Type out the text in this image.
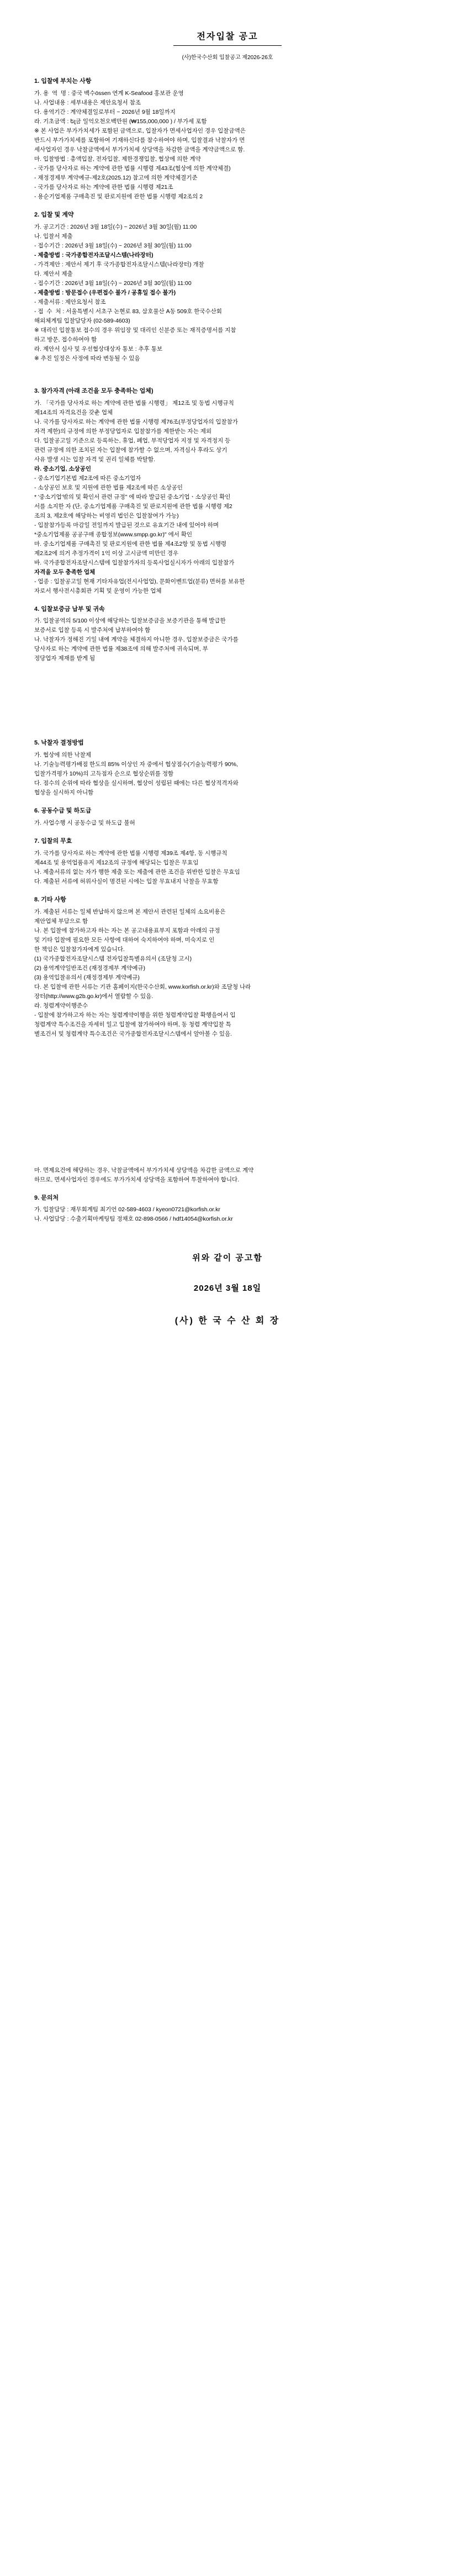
전자입찰 공고
(사)한국수산회 입찰공고 제2026-26호
1. 입찰에 부치는 사항
가. 용  역  명 : 중국 백수össen 연계 K-Seafood 홍보관 운영
나. 사업내용 : 세부내용은 제안요청서 참조
다. 용역기간 : 계약체결일로부터 ~ 2026년 9월 18일까지
라. 기초금액 : ել금 일억오천오백만원 (₩155,000,000 ) / 부가세 포함
※ 본 사업은 부가가치세가 포함된 금액으로, 입찰자가 면세사업자인 경우 입찰금액은
반드시 부가가치세를 포함하여 기재하신다를 참수하여야 하며, 입찰결과 낙찰자가 면
세사업자인 경우 낙찰금액에서 부가가치세 상당액을 차감한 금액을 계약금액으로 함.
마. 입찰방법 : 총액입찰, 전자입찰, 제한경쟁입찰, 협상에 의한 계약
- 국가를 당사자로 하는 계약에 관한 법률 시행령 제43조(협상에 의한 계약체결)
- 재정경제부 계약예규-제2호(2025.12) 참고에 의한 계약체결기준
- 국가를 당사자로 하는 계약에 관한 법률 시행령 제21조
- 용순기업제품 구매촉진 및 판로지원에 관한 법률 시행령 제2조의 2
2. 입찰 및 계약
가. 공고기간 : 2026년 3월 18일(수) ~ 2026년 3월 30일(월) 11:00
나. 입찰서 제출
- 접수기간 : 2026년 3월 18일(수) ~ 2026년 3월 30일(월) 11:00
- 제출방법 : 국가종합전자조달시스템(나라장터)
- 가격제안 : 제안서 제기 후 국가종합전자조달시스템(나라장터) 개찰
다. 제안서 제출
- 접수기간 : 2026년 3월 18일(수) ~ 2026년 3월 30일(월) 11:00
- 제출방법 : 방문접수 (우편접수 불가 / 공휴일 접수 불가)
- 제출서류 : 제안요청서 참조
- 접  수  처 : 서울특별시 서초구 논현로 83, 삼호물산 A동 509호 한국수산회
해외체계팀 입찰담당자 (02-589-4603)
※ 대리인 입찰통보 접수의 경우 위임장 및 대리인 신분증 또는 재직증명서를 지참
하고 방문, 접수하여야 함
라. 제안서 심사 및 우선협상대상자 통보 : 추후 통보
※ 추진 일정은 사정에 따라 변동될 수 있음
3. 참가자격 (아래 조건을 모두 충족하는 업체)
가. 「국가를 당사자로 하는 계약에 관한 법률 시행령」 제12조 및 동법 시행규칙
제14조의 자격요건을 갖춘 업체
나. 국가를 당사자로 하는 계약에 관한 법률 시행령 제76조(부정당업자의 입찰참가
자격 제한)의 규정에 의한 부정당업자로 입찰참가를 제한받는 자는 제외
다. 입찰공고일 기준으로 등록하는, 휴업, 폐업, 부적당업자 지정 및 자격정지 등
관련 규정에 의한 조치된 자는 입찰에 참가할 수 없으며, 자격심사 후라도 상기
사유 발생 시는 입찰 자격 및 권리 일체를 박탈함.
라. 중소기업, 소상공인
- 중소기업기본법 제2조에 따른 중소기업자
- 소상공인 보호 및 지원에 관한 법률 제2조에 따른 소상공인
* '중소기업'밖의 및 확인서 관련 규정" 에 따라 발급된 중소기업ㆍ소상공인 확인
서를 소지한 자 (단, 중소기업제품 구매촉진 및 판로지원에 관한 법률 시행령 제2
조의 3, 제2호에 해당하는 비영리 법인은 입찰참여가 가능)
- 입찰참가등록 마감일 전일까지 발급된 것으로 유효기간 내에 있어야 하며
*중소기업제품 공공구매 종합정보(www.smpp.go.kr)" 에서 확인
마. 중소기업제품 구매촉진 및 판로지원에 관한 법률 제4조2항 및 동법 시행령
제2조2에 의거 추정가격이 1억 이상 고시금액 미만인 경우
바. 국가종합전자조달시스템에 입찰참가자의 등록사업실시자가 아래의 입찰참가
자격을 모두 충족한 업체
- 업종 : 입찰공고일 현재 기타자유업(전시사업업), 문화이벤트업(분류) 면허를 보유한
자로서 행사전시총회관 기획 및 운영이 가능한 업체
4. 입찰보증금 납부 및 귀속
가. 입찰공역의 5/100 이상에 해당하는 입찰보증금을 보증기관을 통해 발급한
보증서로 입찰 등록 시 발주처에 납부하여야 함
나. 낙찰자가 정해진 기일 내에 계약을 체결하지 아니한 경우, 입찰보증금은 국가를
당사자로 하는 계약에 관한 법률 제38조에 의해 발주처에 귀속되며, 부
정당업자 제재를 받게 됨
5. 낙찰자 결정방법
가. 협상에 의한 낙찰제
나. 기술능력평가배점 한도의 85% 이상인 자 중에서 협상점수(기술능력평가 90%,
입찰가격평가 10%)의 고득점자 순으로 협상순위를 정함
다. 점수의 순위에 따라 협상을 실시하며, 협상이 성립된 때에는 다른 협상적격자와
협상을 실시하지 아니함
6. 공동수급 및 하도급
가. 사업수행 시 공동수급 및 하도급 불허
7. 입찰의 무효
가. 국가를 당사자로 하는 계약에 관한 법률 시행령 제39조 제4항, 동 시행규칙
제44조 및 용역업품유지 제12조의 규정에 해당되는 입찰은 무효임
나. 제출서류의 없는 자가 행한 제출 또는 제출에 관한 조건을 위반한 입찰은 무효임
다. 제출된 서류에 허위사실이 명견된 시에는 입찰 무효내지 낙찰을 무효함
8. 기타 사항
가. 제출된 서류는 일체 반납하지 않으며 본 제안서 관련된 일체의 소요비용은
제안업체 부담으로 함
나. 본 입찰에 참가하고자 하는 자는 본 공고내용표부지 포함과 아래의 규정
및 기타 입찰에 필요한 모든 사항에 대하여 숙지하여야 하며, 미숙지로 인
한 책임은 입찰참가자에게 있습니다.
(1) 국가종합전자조달시스템 전자입찰특별유의서 (조달청 고시)
(2) 용역계약일반조건 (재정경제부 계약예규)
(3) 용역입찰유의서 (재정경제부 계약예규)
다. 본 입찰에 관한 서류는 기관 홈페이지(한국수산회, www.korfish.or.kr)와 조달청 나라
장터(http://www.g2b.go.kr)에서 열람할 수 있음.
라. 청렴계약이행준수
- 입찰에 참가하고자 하는 자는 청렴계약이행을 위한 청렴계약입찰 확행을여서 입
청렴계약 특수조건을 자세히 일고 입찰에 참가하여야 하며, 동 청렴 계약입찰 특
별조건서 및 청렴계약 특수조건은 국가종합전자조달시스템에서 알아볼 수 있음.
마. 면제요건에 해당하는 경우, 낙찰금액에서 부가가치세 상당액을 차감한 금액으로 계약
하므로, 면세사업자인 경우에도 부가가치세 상당액을 포함하여 투찰하여야 합니다.
9. 문의처
가. 입찰담당 : 재무회계팀 최기언 02-589-4603 / kyeon0721@korfish.or.kr
나. 사업담당 : 수출기획마케팅팀 정채호 02-898-0566 / hdf14054@korfish.or.kr
위와 같이 공고함
2026년 3월 18일
(사) 한 국 수 산 회 장
